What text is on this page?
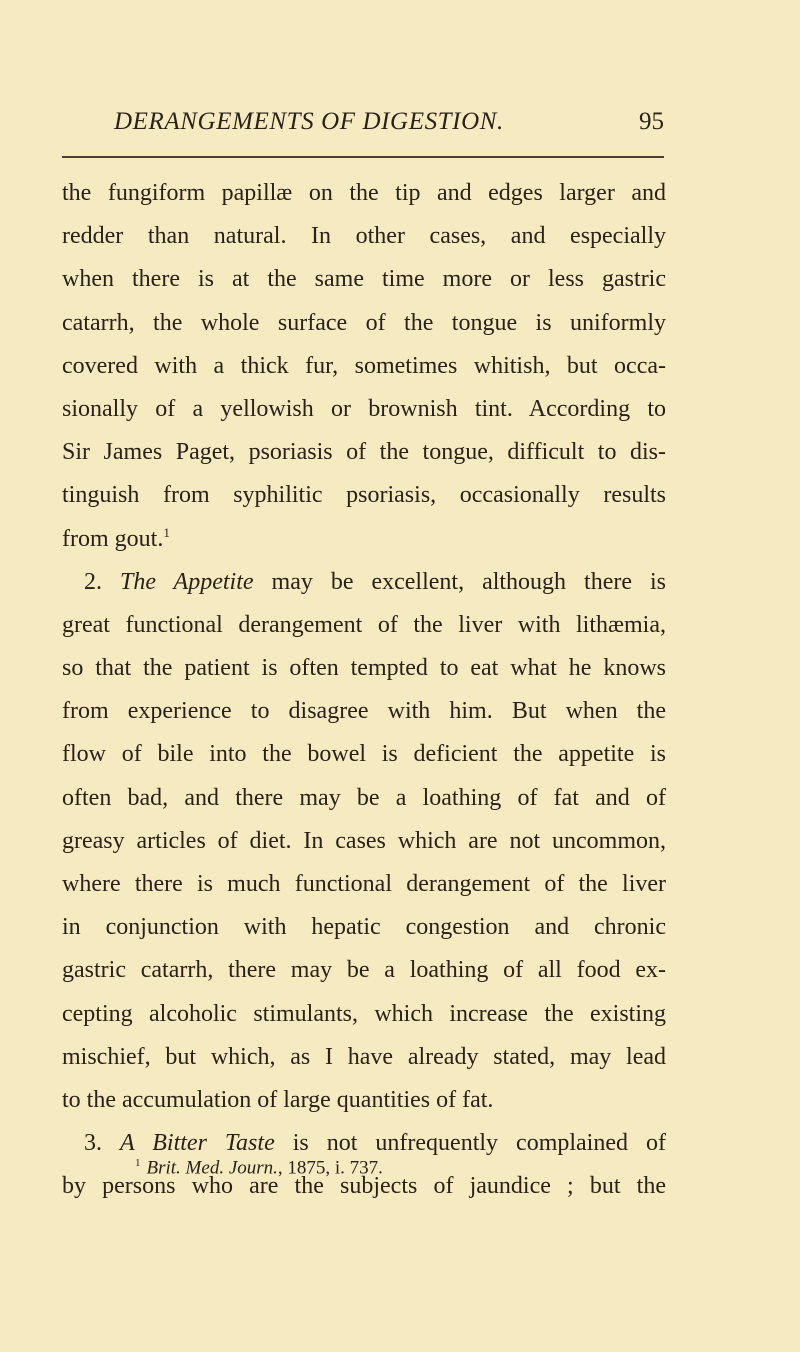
DERANGEMENTS OF DIGESTION.	95
the fungiform papillæ on the tip and edges larger and
redder than natural. In other cases, and especially
when there is at the same time more or less gastric
catarrh, the whole surface of the tongue is uniformly
covered with a thick fur, sometimes whitish, but occa-
sionally of a yellowish or brownish tint. According to
Sir James Paget, psoriasis of the tongue, difficult to dis-
tinguish from syphilitic psoriasis, occasionally results
from gout.$^1$
2. The Appetite may be excellent, although there is
great functional derangement of the liver with lithæmia,
so that the patient is often tempted to eat what he knows
from experience to disagree with him. But when the
flow of bile into the bowel is deficient the appetite is
often bad, and there may be a loathing of fat and of
greasy articles of diet. In cases which are not uncommon,
where there is much functional derangement of the liver
in conjunction with hepatic congestion and chronic
gastric catarrh, there may be a loathing of all food ex-
cepting alcoholic stimulants, which increase the existing
mischief, but which, as I have already stated, may lead
to the accumulation of large quantities of fat.
3. A Bitter Taste is not unfrequently complained of
by persons who are the subjects of jaundice ; but the
$^1$ Brit. Med. Journ., 1875, i. 737.
